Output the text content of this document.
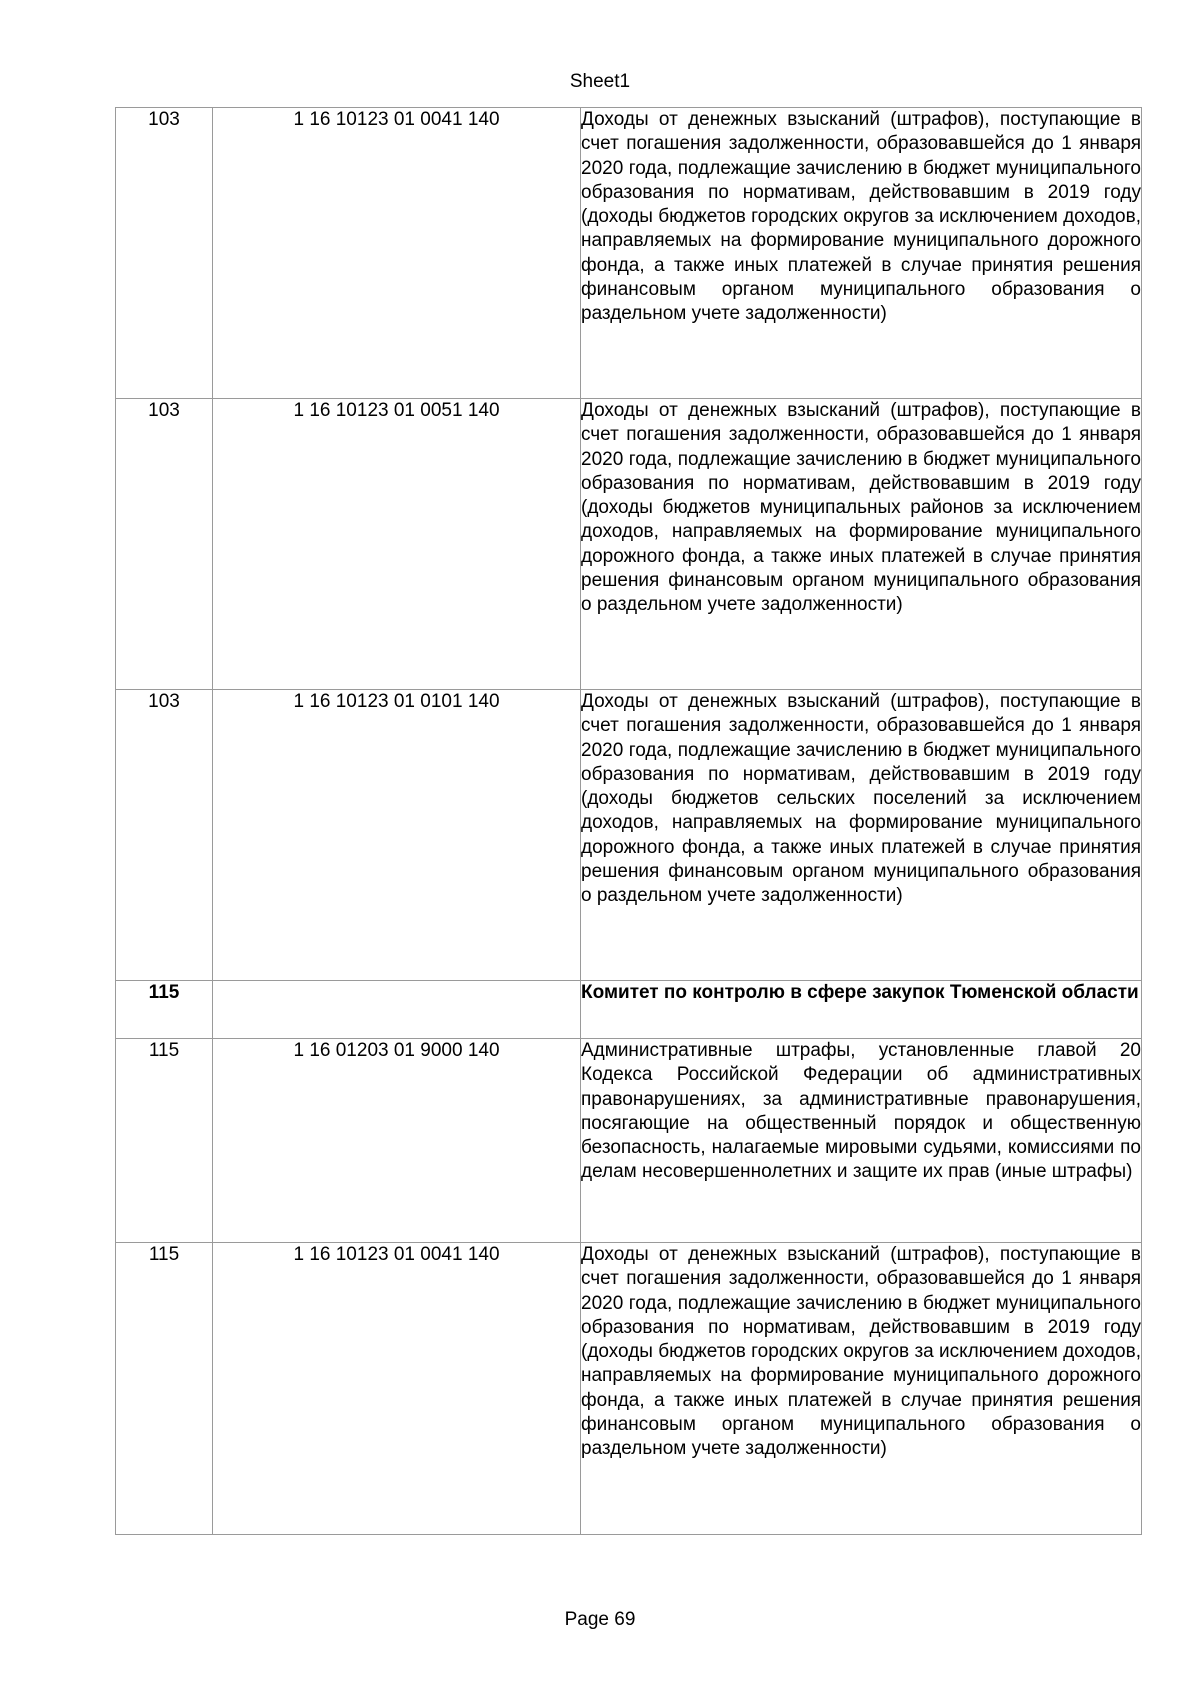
Sheet1
103	1 16 10123 01 0041 140	Доходы от денежных взысканий (штрафов), поступающие в счет погашения задолженности, образовавшейся до 1 января 2020 года, подлежащие зачислению в бюджет муниципального образования по нормативам, действовавшим в 2019 году (доходы бюджетов городских округов за исключением доходов, направляемых на формирование муниципального дорожного фонда, а также иных платежей в случае принятия решения финансовым органом муниципального образования о раздельном учете задолженности)
103	1 16 10123 01 0051 140	Доходы от денежных взысканий (штрафов), поступающие в счет погашения задолженности, образовавшейся до 1 января 2020 года, подлежащие зачислению в бюджет муниципального образования по нормативам, действовавшим в 2019 году (доходы бюджетов муниципальных районов за исключением доходов, направляемых на формирование муниципального дорожного фонда, а также иных платежей в случае принятия решения финансовым органом муниципального образования о раздельном учете задолженности)
103	1 16 10123 01 0101 140	Доходы от денежных взысканий (штрафов), поступающие в счет погашения задолженности, образовавшейся до 1 января 2020 года, подлежащие зачислению в бюджет муниципального образования по нормативам, действовавшим в 2019 году (доходы бюджетов сельских поселений за исключением доходов, направляемых на формирование муниципального дорожного фонда, а также иных платежей в случае принятия решения финансовым органом муниципального образования о раздельном учете задолженности)
115		Комитет по контролю в сфере закупок Тюменской области
115	1 16 01203 01 9000 140	Административные штрафы, установленные главой 20 Кодекса Российской Федерации об административных правонарушениях, за административные правонарушения, посягающие на общественный порядок и общественную безопасность, налагаемые мировыми судьями, комиссиями по делам несовершеннолетних и защите их прав (иные штрафы)
115	1 16 10123 01 0041 140	Доходы от денежных взысканий (штрафов), поступающие в счет погашения задолженности, образовавшейся до 1 января 2020 года, подлежащие зачислению в бюджет муниципального образования по нормативам, действовавшим в 2019 году (доходы бюджетов городских округов за исключением доходов, направляемых на формирование муниципального дорожного фонда, а также иных платежей в случае принятия решения финансовым органом муниципального образования о раздельном учете задолженности)
Page 69
